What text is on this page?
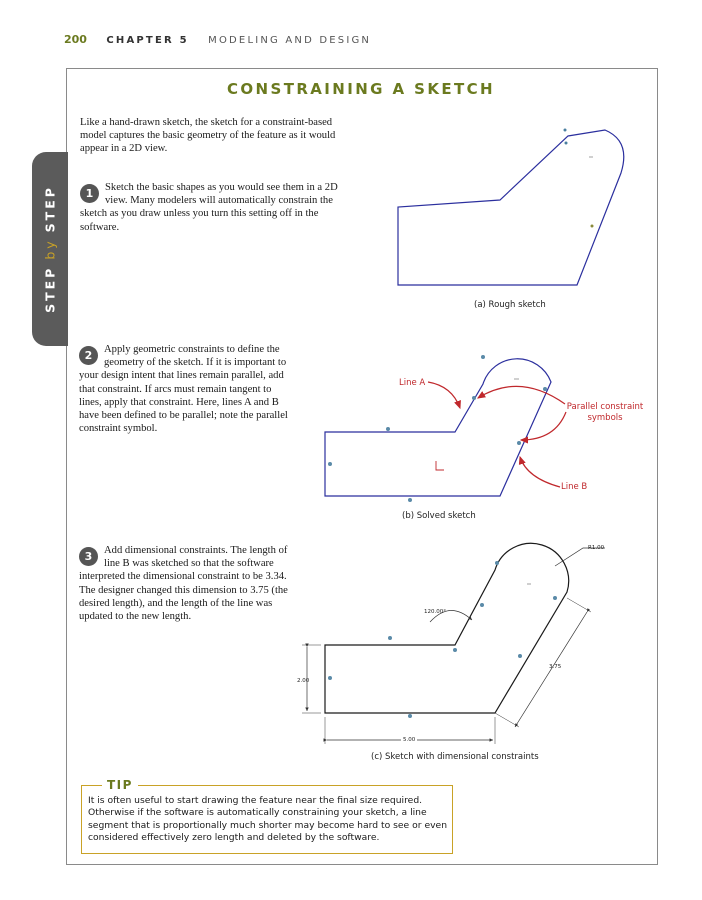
200 CHAPTER 5 MODELING AND DESIGN
CONSTRAINING A SKETCH
STEPbySTEP
Like a hand-drawn sketch, the sketch for a constraint-based model captures the basic geometry of the feature as it would appear in a 2D view.
1	Sketch the basic shapes as you would see them in a 2D view. Many modelers will automatically constrain the sketch as you draw unless you turn this setting off in the software.
2	Apply geometric constraints to define the geometry of the sketch. If it is important to your design intent that lines remain parallel, add that constraint. If arcs must remain tangent to lines, apply that constraint. Here, lines A and B have been defined to be parallel; note the parallel constraint symbol.
3	Add dimensional constraints. The length of line B was sketched so that the software interpreted the dimensional constraint to be 3.34. The designer changed this dimension to 3.75 (the desired length), and the length of the line was updated to the new length.
(a) Rough sketch
Line A
Parallel constraint
symbols
Line B
(b) Solved sketch
R1.00
120.00°
3.75
2.00
5.00
(c) Sketch with dimensional constraints
TIP
It is often useful to start drawing the feature near the final size required. Otherwise if the software is automatically constraining your sketch, a line segment that is proportionally much shorter may become hard to see or even considered effectively zero length and deleted by the software.
